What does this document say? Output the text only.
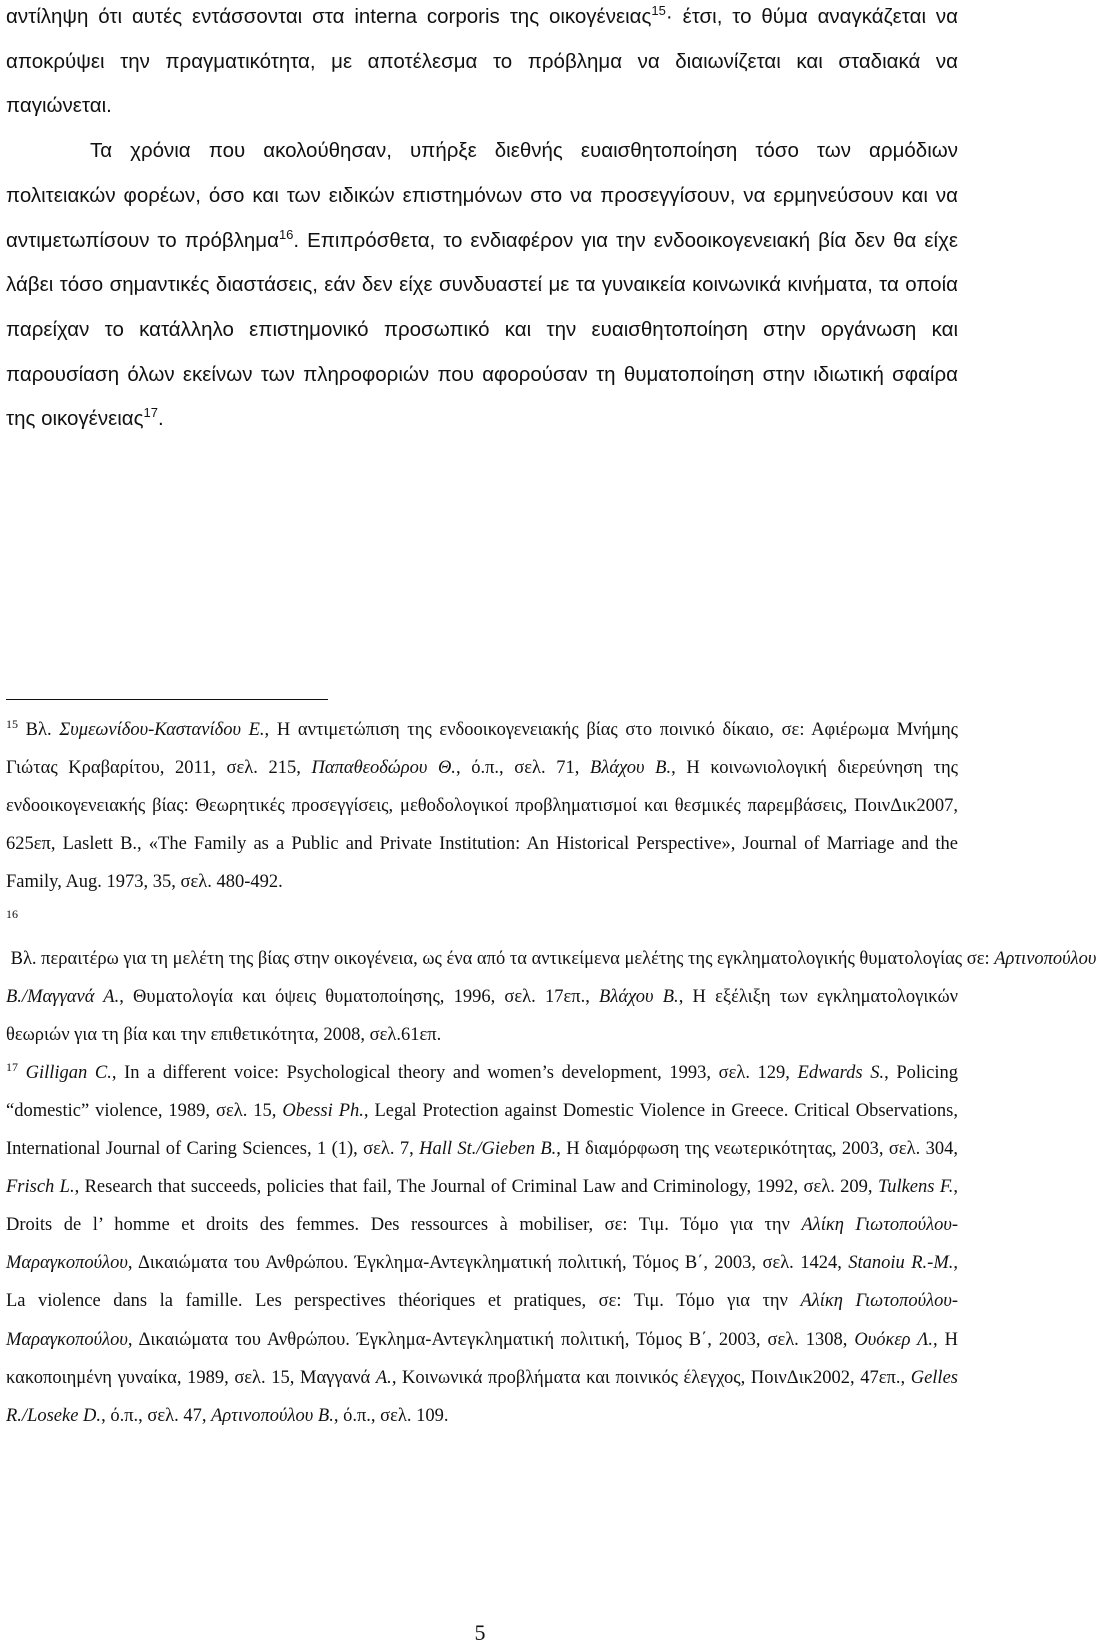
αντίληψη ότι αυτές εντάσσονται στα interna corporis της οικογένειας$^{15}$· έτσι, το θύμα αναγκάζεται να αποκρύψει την πραγματικότητα, με αποτέλεσμα το πρόβλημα να διαιωνίζεται και σταδιακά να παγιώνεται.

Τα χρόνια που ακολούθησαν, υπήρξε διεθνής ευαισθητοποίηση τόσο των αρμόδιων πολιτειακών φορέων, όσο και των ειδικών επιστημόνων στο να προσεγγίσουν, να ερμηνεύσουν και να αντιμετωπίσουν το πρόβλημα$^{16}$. Επιπρόσθετα, το ενδιαφέρον για την ενδοοικογενειακή βία δεν θα είχε λάβει τόσο σημαντικές διαστάσεις, εάν δεν είχε συνδυαστεί με τα γυναικεία κοινωνικά κινήματα, τα οποία παρείχαν το κατάλληλο επιστημονικό προσωπικό και την ευαισθητοποίηση στην οργάνωση και παρουσίαση όλων εκείνων των πληροφοριών που αφορούσαν τη θυματοποίηση στην ιδιωτική σφαίρα της οικογένειας$^{17}$.

$^{15}$ Βλ. Συμεωνίδου-Καστανίδου Ε., Η αντιμετώπιση της ενδοοικογενειακής βίας στο ποινικό δίκαιο, σε: Αφιέρωμα Μνήμης Γιώτας Κραβαρίτου, 2011, σελ. 215, Παπαθεοδώρου Θ., ό.π., σελ. 71, Βλάχου Β., Η κοινωνιολογική διερεύνηση της ενδοοικογενειακής βίας: Θεωρητικές προσεγγίσεις, μεθοδολογικοί προβληματισμοί και θεσμικές παρεμβάσεις, ΠοινΔικ2007, 625επ, Laslett B., «The Family as a Public and Private Institution: An Historical Perspective», Journal of Marriage and the Family, Aug. 1973, 35, σελ. 480-492.

$^{16}$ Βλ. περαιτέρω για τη μελέτη της βίας στην οικογένεια, ως ένα από τα αντικείμενα μελέτης της εγκληματολογικής θυματολογίας σε: Αρτινοπούλου Β./Μαγγανά Α., Θυματολογία και όψεις θυματοποίησης, 1996, σελ. 17επ., Βλάχου Β., Η εξέλιξη των εγκληματολογικών θεωριών για τη βία και την επιθετικότητα, 2008, σελ.61επ.

$^{17}$ Gilligan C., In a different voice: Psychological theory and women’s development, 1993, σελ. 129, Edwards S., Policing “domestic” violence, 1989, σελ. 15, Obessi Ph., Legal Protection against Domestic Violence in Greece. Critical Observations, International Journal of Caring Sciences, 1 (1), σελ. 7, Hall St./Gieben B., Η διαμόρφωση της νεωτερικότητας, 2003, σελ. 304, Frisch L., Research that succeeds, policies that fail, The Journal of Criminal Law and Criminology, 1992, σελ. 209, Tulkens F., Droits de l’ homme et droits des femmes. Des ressources à mobiliser, σε: Τιμ. Τόμο για την Αλίκη Γιωτοπούλου-Μαραγκοπούλου, Δικαιώματα του Ανθρώπου. Έγκλημα-Αντεγκληματική πολιτική, Τόμος Β΄, 2003, σελ. 1424, Stanoiu R.-M., La violence dans la famille. Les perspectives théoriques et pratiques, σε: Τιμ. Τόμο για την Αλίκη Γιωτοπούλου-Μαραγκοπούλου, Δικαιώματα του Ανθρώπου. Έγκλημα-Αντεγκληματική πολιτική, Τόμος Β΄, 2003, σελ. 1308, Ουόκερ Λ., Η κακοποιημένη γυναίκα, 1989, σελ. 15, Μαγγανά Α., Κοινωνικά προβλήματα και ποινικός έλεγχος, ΠοινΔικ2002, 47επ., Gelles R./Loseke D., ό.π., σελ. 47, Αρτινοπούλου Β., ό.π., σελ. 109.

5
